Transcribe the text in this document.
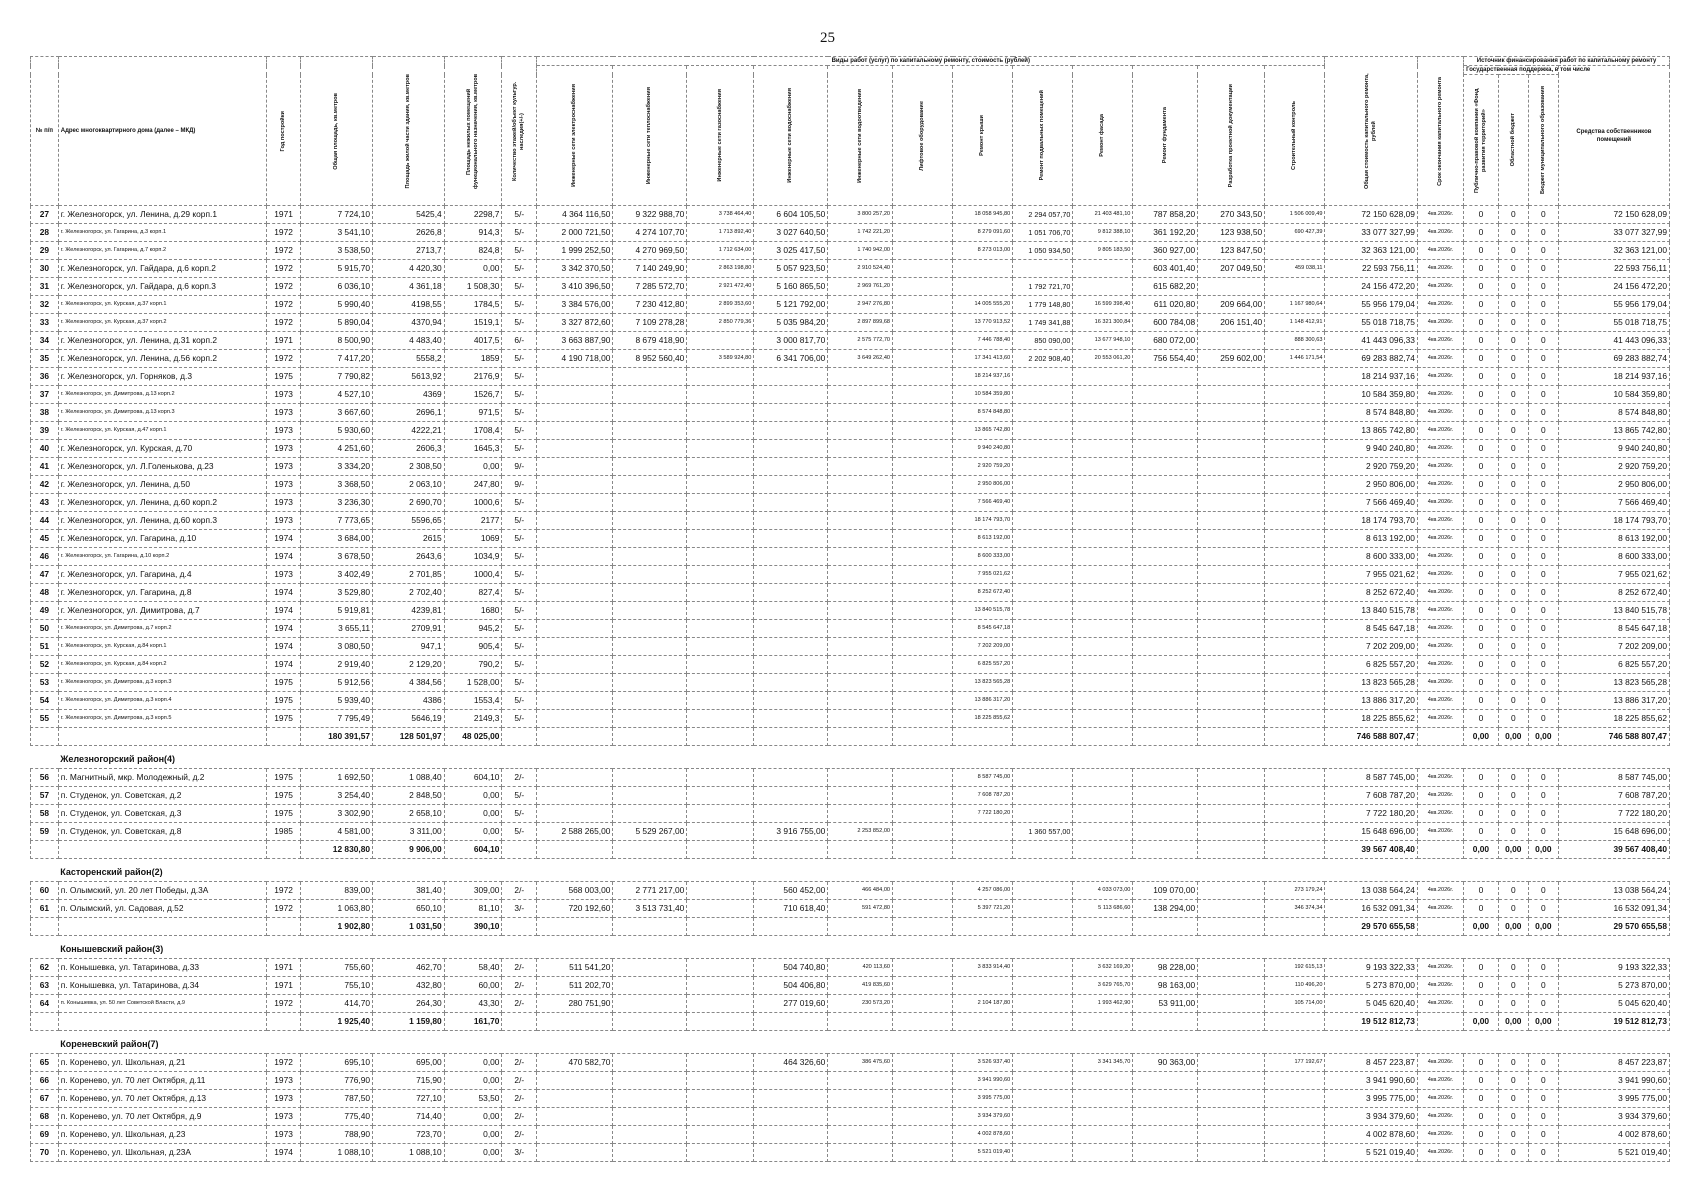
25
№ п/п	Адрес многоквартирного дома (далее – МКД)	Год постройки	Общая площадь, кв.метров	Площадь жилой части здания, кв.метров	Площадь нежилых помещений функционального назначения, кв.метров	Количество этажей/объект культур. наследия(+/-)	Виды работ (услуг) по капитальному ремонту, стоимость (рублей)												Общая стоимость капитального ремонта, рублей	Срок окончания капитального ремонта	Источник финансирования работ по капитальному ремонту			

							Инженерные сети электроснабжения	Инженерные сети теплоснабжения	Инженерные сети газоснабжения	Инженерные сети водоснабжения	Инженерные сети водоотведения	Лифтовое оборудование	Ремонт крыши	Ремонт подвальных помещений	Ремонт фасада	Ремонт фундамента	Разработка проектной документации	Строительный контроль			Государственная поддержка, в том числе			Средства собственников помещений

																					Публично-правовой компании «Фонд развития территорий»	Областной бюджет	Бюджет муниципального образования	

27	г. Железногорск, ул. Ленина, д.29 корп.1	1971	7 724,10	5425,4	2298,7	5/-	4 364 116,50	9 322 988,70	3 738 464,40	6 604 105,50	3 800 257,20		18 058 945,80	2 294 057,70	21 403 481,10	787 858,20	270 343,50	1 506 009,49	72 150 628,09	4кв.2026г.	0	0	0	72 150 628,09
28	г. Железногорск, ул. Гагарина, д.3 корп.1	1972	3 541,10	2626,8	914,3	5/-	2 000 721,50	4 274 107,70	1 713 892,40	3 027 640,50	1 742 221,20		8 279 091,60	1 051 706,70	9 812 388,10	361 192,20	123 938,50	690 427,39	33 077 327,99	4кв.2026г.	0	0	0	33 077 327,99
29	г. Железногорск, ул. Гагарина, д.7 корп.2	1972	3 538,50	2713,7	824,8	5/-	1 999 252,50	4 270 969,50	1 712 634,00	3 025 417,50	1 740 942,00		8 273 013,00	1 050 934,50	9 805 183,50	360 927,00	123 847,50		32 363 121,00	4кв.2026г.	0	0	0	32 363 121,00
30	г. Железногорск, ул. Гайдара, д.6 корп.2	1972	5 915,70	4 420,30	0,00	5/-	3 342 370,50	7 140 249,90	2 863 198,80	5 057 923,50	2 910 524,40					603 401,40	207 049,50	459 038,11	22 593 756,11	4кв.2026г.	0	0	0	22 593 756,11
31	г. Железногорск, ул. Гайдара, д.6 корп.3	1972	6 036,10	4 361,18	1 508,30	5/-	3 410 396,50	7 285 572,70	2 921 472,40	5 160 865,50	2 969 761,20			1 792 721,70		615 682,20			24 156 472,20	4кв.2026г.	0	0	0	24 156 472,20
32	г. Железногорск, ул. Курская, д.37 корп.1	1972	5 990,40	4198,55	1784,5	5/-	3 384 576,00	7 230 412,80	2 899 353,60	5 121 792,00	2 947 276,80		14 005 555,20	1 779 148,80	16 599 398,40	611 020,80	209 664,00	1 167 980,64	55 956 179,04	4кв.2026г.	0	0	0	55 956 179,04
33	г. Железногорск, ул. Курская, д.37 корп.2	1972	5 890,04	4370,94	1519,1	5/-	3 327 872,60	7 109 278,28	2 850 779,36	5 035 984,20	2 897 899,68		13 770 913,52	1 749 341,88	16 321 300,84	600 784,08	206 151,40	1 148 412,91	55 018 718,75	4кв.2026г.	0	0	0	55 018 718,75
34	г. Железногорск, ул. Ленина, д.31 корп.2	1971	8 500,90	4 483,40	4017,5	6/-	3 663 887,90	8 679 418,90		3 000 817,70	2 575 772,70		7 446 788,40	850 090,00	13 677 948,10	680 072,00		888 300,63	41 443 096,33	4кв.2026г.	0	0	0	41 443 096,33
35	г. Железногорск, ул. Ленина, д.56 корп.2	1972	7 417,20	5558,2	1859	5/-	4 190 718,00	8 952 560,40	3 589 924,80	6 341 706,00	3 649 262,40		17 341 413,60	2 202 908,40	20 553 061,20	756 554,40	259 602,00	1 446 171,54	69 283 882,74	4кв.2026г.	0	0	0	69 283 882,74
36	г. Железногорск, ул. Горняков, д.3	1975	7 790,82	5613,92	2176,9	5/-							18 214 937,16						18 214 937,16	4кв.2026г.	0	0	0	18 214 937,16
37	г. Железногорск, ул. Димитрова, д.13 корп.2	1973	4 527,10	4369	1526,7	5/-							10 584 359,80						10 584 359,80	4кв.2026г.	0	0	0	10 584 359,80
38	г. Железногорск, ул. Димитрова, д.13 корп.3	1973	3 667,60	2696,1	971,5	5/-							8 574 848,80						8 574 848,80	4кв.2026г.	0	0	0	8 574 848,80
39	г. Железногорск, ул. Курская, д.47 корп.1	1973	5 930,60	4222,21	1708,4	5/-							13 865 742,80						13 865 742,80	4кв.2026г.	0	0	0	13 865 742,80
40	г. Железногорск, ул. Курская, д.70	1973	4 251,60	2606,3	1645,3	5/-							9 940 240,80						9 940 240,80	4кв.2026г.	0	0	0	9 940 240,80
41	г. Железногорск, ул. Л.Голенькова, д.23	1973	3 334,20	2 308,50	0,00	9/-							2 920 759,20						2 920 759,20	4кв.2026г.	0	0	0	2 920 759,20
42	г. Железногорск, ул. Ленина, д.50	1973	3 368,50	2 063,10	247,80	9/-							2 950 806,00						2 950 806,00	4кв.2026г.	0	0	0	2 950 806,00
43	г. Железногорск, ул. Ленина, д.60 корп.2	1973	3 236,30	2 690,70	1000,6	5/-							7 566 469,40						7 566 469,40	4кв.2026г.	0	0	0	7 566 469,40
44	г. Железногорск, ул. Ленина, д.60 корп.3	1973	7 773,65	5596,65	2177	5/-							18 174 793,70						18 174 793,70	4кв.2026г.	0	0	0	18 174 793,70
45	г. Железногорск, ул. Гагарина, д.10	1974	3 684,00	2615	1069	5/-							8 613 192,00						8 613 192,00	4кв.2026г.	0	0	0	8 613 192,00
46	г. Железногорск, ул. Гагарина, д.10 корп.2	1974	3 678,50	2643,6	1034,9	5/-							8 600 333,00						8 600 333,00	4кв.2026г.	0	0	0	8 600 333,00
47	г. Железногорск, ул. Гагарина, д.4	1973	3 402,49	2 701,85	1000,4	5/-							7 955 021,62						7 955 021,62	4кв.2026г.	0	0	0	7 955 021,62
48	г. Железногорск, ул. Гагарина, д.8	1974	3 529,80	2 702,40	827,4	5/-							8 252 672,40						8 252 672,40	4кв.2026г.	0	0	0	8 252 672,40
49	г. Железногорск, ул. Димитрова, д.7	1974	5 919,81	4239,81	1680	5/-							13 840 515,78						13 840 515,78	4кв.2026г.	0	0	0	13 840 515,78
50	г. Железногорск, ул. Димитрова, д.7 корп.2	1974	3 655,11	2709,91	945,2	5/-							8 545 647,18						8 545 647,18	4кв.2026г.	0	0	0	8 545 647,18
51	г. Железногорск, ул. Курская, д.84 корп.1	1974	3 080,50	947,1	905,4	5/-							7 202 209,00						7 202 209,00	4кв.2026г.	0	0	0	7 202 209,00
52	г. Железногорск, ул. Курская, д.84 корп.2	1974	2 919,40	2 129,20	790,2	5/-							6 825 557,20						6 825 557,20	4кв.2026г.	0	0	0	6 825 557,20
53	г. Железногорск, ул. Димитрова, д.3 корп.3	1975	5 912,56	4 384,56	1 528,00	5/-							13 823 565,28						13 823 565,28	4кв.2026г.	0	0	0	13 823 565,28
54	г. Железногорск, ул. Димитрова, д.3 корп.4	1975	5 939,40	4386	1553,4	5/-							13 886 317,20						13 886 317,20	4кв.2026г.	0	0	0	13 886 317,20
55	г. Железногорск, ул. Димитрова, д.3 корп.5	1975	7 795,49	5646,19	2149,3	5/-							18 225 855,62						18 225 855,62	4кв.2026г.	0	0	0	18 225 855,62
			180 391,57	128 501,97	48 025,00														746 588 807,47		0,00	0,00	0,00	746 588 807,47
	Железногорский район(4)																							
56	п. Магнитный, мкр. Молодежный, д.2	1975	1 692,50	1 088,40	604,10	2/-							8 587 745,00						8 587 745,00	4кв.2026г.	0	0	0	8 587 745,00
57	п. Студенок, ул. Советская, д.2	1975	3 254,40	2 848,50	0,00	5/-							7 608 787,20						7 608 787,20	4кв.2026г.	0	0	0	7 608 787,20
58	п. Студенок, ул. Советская, д.3	1975	3 302,90	2 658,10	0,00	5/-							7 722 180,20						7 722 180,20	4кв.2026г.	0	0	0	7 722 180,20
59	п. Студенок, ул. Советская, д.8	1985	4 581,00	3 311,00	0,00	5/-	2 588 265,00	5 529 267,00		3 916 755,00	2 253 852,00			1 360 557,00					15 648 696,00	4кв.2026г.	0	0	0	15 648 696,00
			12 830,80	9 906,00	604,10														39 567 408,40		0,00	0,00	0,00	39 567 408,40
	Касторенский район(2)																							
60	п. Олымский, ул. 20 лет Победы, д.3А	1972	839,00	381,40	309,00	2/-	568 003,00	2 771 217,00		560 452,00	466 484,00		4 257 086,00		4 033 073,00	109 070,00		273 179,24	13 038 564,24	4кв.2026г.	0	0	0	13 038 564,24
61	п. Олымский, ул. Садовая, д.52	1972	1 063,80	650,10	81,10	3/-	720 192,60	3 513 731,40		710 618,40	591 472,80		5 397 721,20		5 113 686,60	138 294,00		346 374,34	16 532 091,34	4кв.2026г.	0	0	0	16 532 091,34
			1 902,80	1 031,50	390,10														29 570 655,58		0,00	0,00	0,00	29 570 655,58
	Конышевский район(3)																							
62	п. Конышевка, ул. Татаринова, д.33	1971	755,60	462,70	58,40	2/-	511 541,20			504 740,80	420 113,60		3 833 914,40		3 632 169,20	98 228,00		192 615,13	9 193 322,33	4кв.2026г.	0	0	0	9 193 322,33
63	п. Конышевка, ул. Татаринова, д.34	1971	755,10	432,80	60,00	2/-	511 202,70			504 406,80	419 835,60				3 629 765,70	98 163,00		110 496,20	5 273 870,00	4кв.2026г.	0	0	0	5 273 870,00
64	п. Конышевка, ул. 50 лет Советской Власти, д.9	1972	414,70	264,30	43,30	2/-	280 751,90			277 019,60	230 573,20		2 104 187,80		1 993 462,90	53 911,00		105 714,00	5 045 620,40	4кв.2026г.	0	0	0	5 045 620,40
			1 925,40	1 159,80	161,70														19 512 812,73		0,00	0,00	0,00	19 512 812,73
	Кореневский район(7)																							
65	п. Коренево, ул. Школьная, д.21	1972	695,10	695,00	0,00	2/-	470 582,70			464 326,60	386 475,60		3 526 937,40		3 341 345,70	90 363,00		177 192,67	8 457 223,87	4кв.2026г.	0	0	0	8 457 223,87
66	п. Коренево, ул. 70 лет Октября, д.11	1973	776,90	715,90	0,00	2/-							3 941 990,60						3 941 990,60	4кв.2026г.	0	0	0	3 941 990,60
67	п. Коренево, ул. 70 лет Октября, д.13	1973	787,50	727,10	53,50	2/-							3 995 775,00						3 995 775,00	4кв.2026г.	0	0	0	3 995 775,00
68	п. Коренево, ул. 70 лет Октября, д.9	1973	775,40	714,40	0,00	2/-							3 934 379,60						3 934 379,60	4кв.2026г.	0	0	0	3 934 379,60
69	п. Коренево, ул. Школьная, д.23	1973	788,90	723,70	0,00	2/-							4 002 878,60						4 002 878,60	4кв.2026г.	0	0	0	4 002 878,60
70	п. Коренево, ул. Школьная, д.23А	1974	1 088,10	1 088,10	0,00	3/-							5 521 019,40						5 521 019,40	4кв.2026г.	0	0	0	5 521 019,40
